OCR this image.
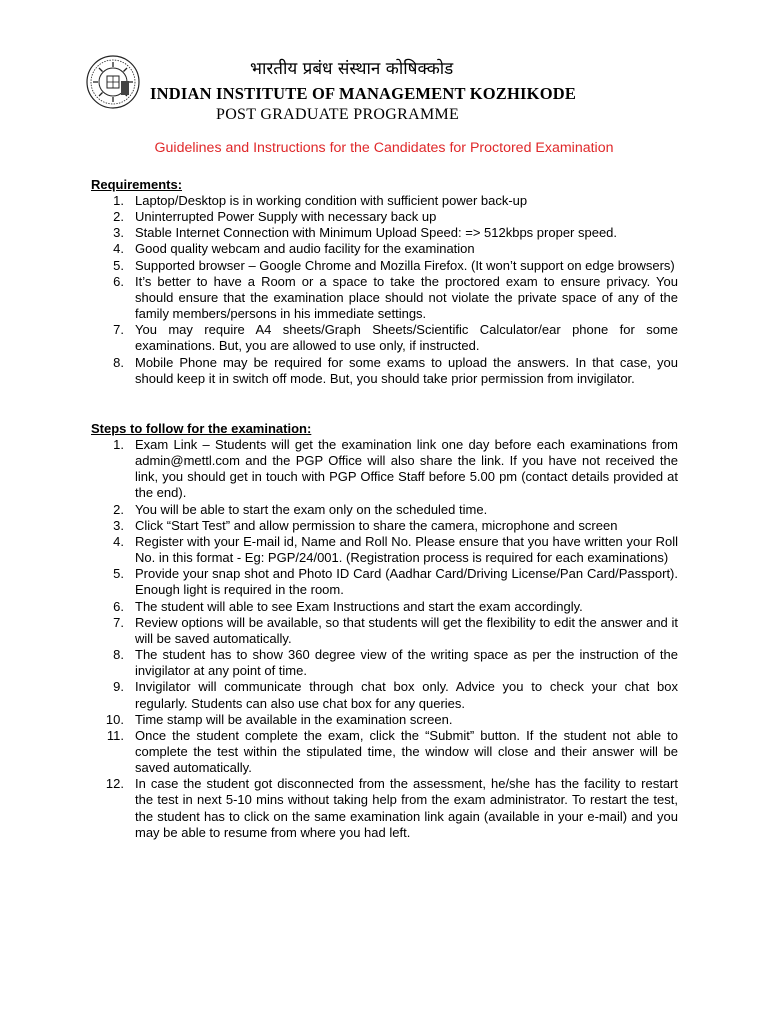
भारतीय प्रबंध संस्थान कोषिक्कोड
INDIAN INSTITUTE OF MANAGEMENT KOZHIKODE
POST GRADUATE PROGRAMME
Guidelines and Instructions for the Candidates for Proctored Examination
Requirements:
1. Laptop/Desktop is in working condition with sufficient power back-up
2. Uninterrupted Power Supply with necessary back up
3. Stable Internet Connection with Minimum Upload Speed: => 512kbps proper speed.
4. Good quality webcam and audio facility for the examination
5. Supported browser – Google Chrome and Mozilla Firefox. (It won’t support on edge browsers)
6. It’s better to have a Room or a space to take the proctored exam to ensure privacy. You should ensure that the examination place should not violate the private space of any of the family members/persons in his immediate settings.
7. You may require A4 sheets/Graph Sheets/Scientific Calculator/ear phone for some examinations. But, you are allowed to use only, if instructed.
8. Mobile Phone may be required for some exams to upload the answers. In that case, you should keep it in switch off mode. But, you should take prior permission from invigilator.
Steps to follow for the examination:
1. Exam Link – Students will get the examination link one day before each examinations from admin@mettl.com and the PGP Office will also share the link. If you have not received the link, you should get in touch with PGP Office Staff before 5.00 pm (contact details provided at the end).
2. You will be able to start the exam only on the scheduled time.
3. Click “Start Test” and allow permission to share the camera, microphone and screen
4. Register with your E-mail id, Name and Roll No. Please ensure that you have written your Roll No. in this format - Eg: PGP/24/001. (Registration process is required for each examinations)
5. Provide your snap shot and Photo ID Card (Aadhar Card/Driving License/Pan Card/Passport). Enough light is required in the room.
6. The student will able to see Exam Instructions and start the exam accordingly.
7. Review options will be available, so that students will get the flexibility to edit the answer and it will be saved automatically.
8. The student has to show 360 degree view of the writing space as per the instruction of the invigilator at any point of time.
9. Invigilator will communicate through chat box only. Advice you to check your chat box regularly. Students can also use chat box for any queries.
10. Time stamp will be available in the examination screen.
11. Once the student complete the exam, click the “Submit” button. If the student not able to complete the test within the stipulated time, the window will close and their answer will be saved automatically.
12. In case the student got disconnected from the assessment, he/she has the facility to restart the test in next 5-10 mins without taking help from the exam administrator. To restart the test, the student has to click on the same examination link again (available in your e-mail) and you may be able to resume from where you had left.
